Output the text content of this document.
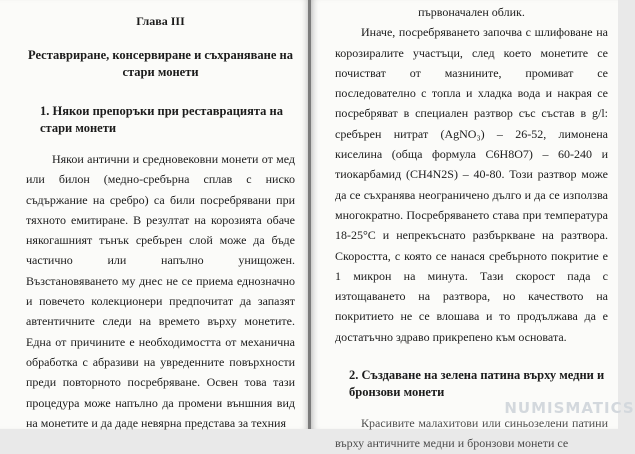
Глава III
Реставриране, консервиране и съхраняване на стари монети
1. Някои препоръки при реставрацията на стари монети

Някои антични и средновековни монети от мед или билон (медно-сребърна сплав с ниско съдържание на сребро) са били посребрявани при тяхното емитиране. В резултат на корозията обаче някогашният тънък сребърен слой може да бъде частично или напълно унищожен. Възстановяването му днес не се приема еднозначно и повечето колекционери предпочитат да запазят автентичните следи на времето върху монетите. Една от причините е необходимостта от механична обработка с абразиви на увреденните повърхности преди повторното посребряване. Освен това тази процедура може напълно да промени външния вид на монетите и да даде невярна представа за техния

първоначален облик.

Иначе, посребряването започва с шлифоване на корозиралите участъци, след което монетите се почистват от мазнините, промиват се последователно с топла и хладка вода и накрая се посребряват в специален разтвор със състав в g/l: сребърен нитрат (AgNO₃) – 26-52, лимонена киселина (обща формула C6H8O7) – 60-240 и тиокарбамид (CH4N2S) – 40-80. Този разтвор може да се съхранява неограничено дълго и да се използва многократно. Посребряването става при температура 18-25°С и непрекъснато разбъркване на разтвора. Скоростта, с която се нанася сребърното покритие е 1 микрон на минута. Тази скорост пада с изтощаването на разтвора, но качеството на покритието не се влошава и то продължава да е достатъчно здраво прикрепено към основата.

2. Създаване на зелена патина върху медни и бронзови монети

Красивите малахитови или синьозелени патини върху античните медни и бронзови монети се

NUMISMATICS
